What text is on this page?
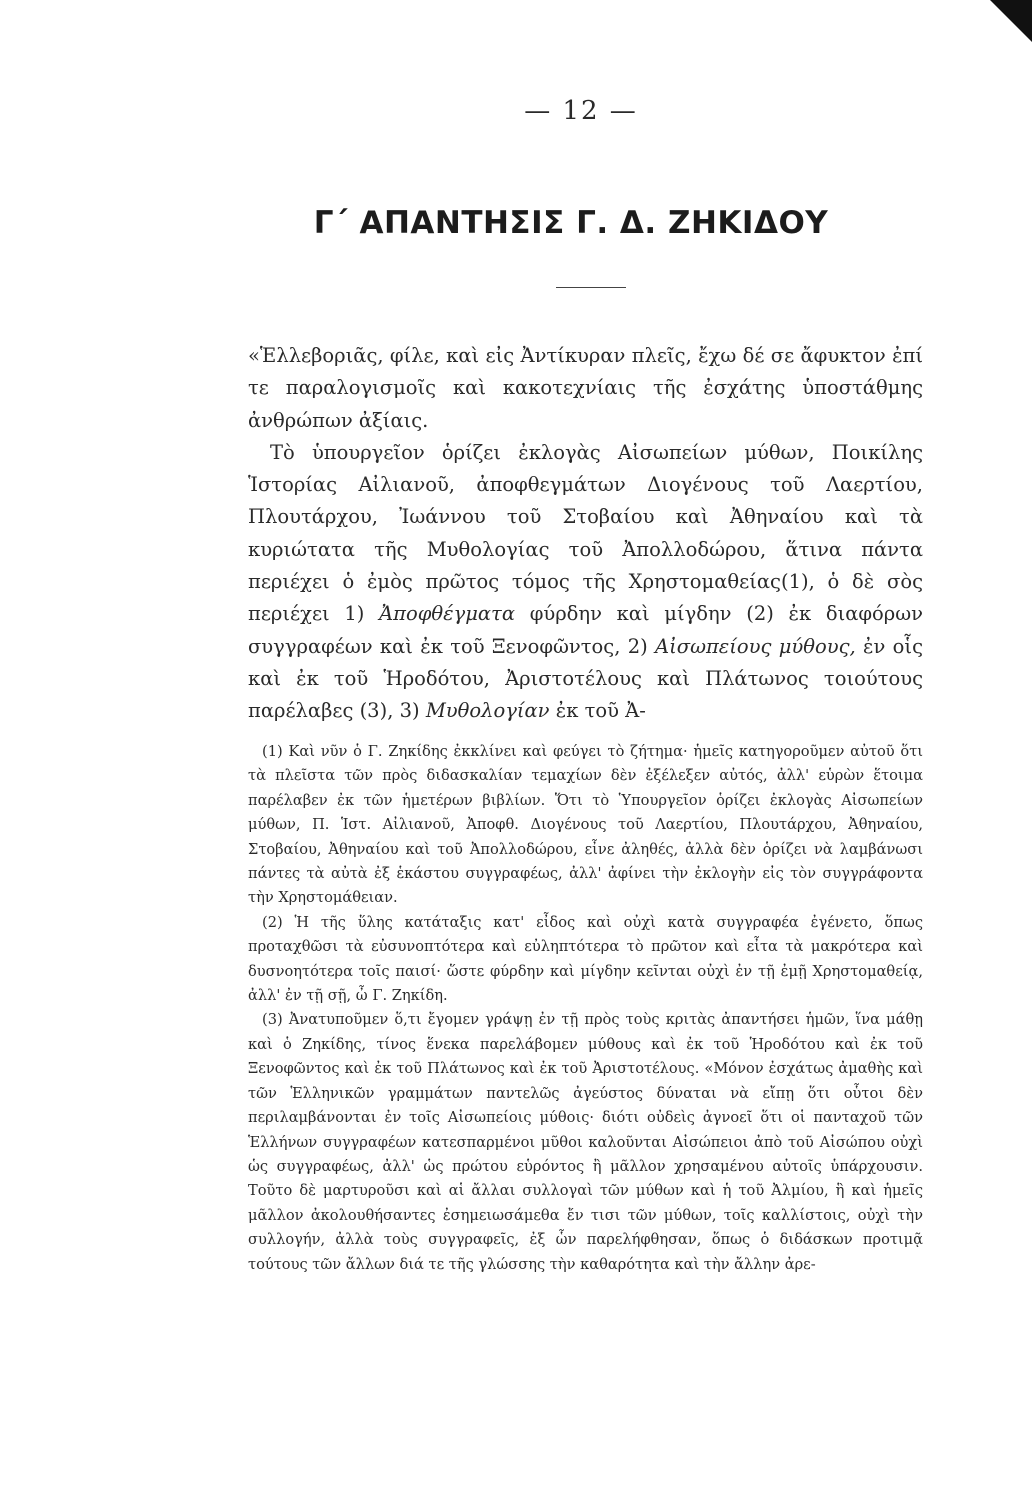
— 12 —
Γ΄ ΑΠΑΝΤΗΣΙΣ Γ. Δ. ΖΗΚΙΔΟΥ

«Ἑλλεβοριᾶς, φίλε, καὶ εἰς Ἀντίκυραν πλεῖς, ἔχω δέ σε ἄφυκτον ἐπί τε παραλογισμοῖς καὶ κακοτεχνίαις τῆς ἐσχάτης ὑποστάθμης ἀνθρώπων ἀξίαις.

Τὸ ὑπουργεῖον ὁρίζει ἐκλογὰς Αἰσωπείων μύθων, Ποικίλης Ἱστορίας Αἰλιανοῦ, ἀποφθεγμάτων Διογένους τοῦ Λαερτίου, Πλουτάρχου, Ἰωάννου τοῦ Στοβαίου καὶ Ἀθηναίου καὶ τὰ κυριώτατα τῆς Μυθολογίας τοῦ Ἀπολλοδώρου, ἅτινα πάντα περιέχει ὁ ἐμὸς πρῶτος τόμος τῆς Χρηστομαθείας(1), ὁ δὲ σὸς περιέχει 1) Ἀποφθέγματα φύρδην καὶ μίγδην (2) ἐκ διαφόρων συγγραφέων καὶ ἐκ τοῦ Ξενοφῶντος, 2) Αἰσωπείους μύθους, ἐν οἷς καὶ ἐκ τοῦ Ἡροδότου, Ἀριστοτέλους καὶ Πλάτωνος τοιούτους παρέλαβες (3), 3) Μυθολογίαν ἐκ τοῦ Ἀ-

(1) Καὶ νῦν ὁ Γ. Ζηκίδης ἐκκλίνει καὶ φεύγει τὸ ζήτημα· ἡμεῖς κατηγοροῦμεν αὐτοῦ ὅτι τὰ πλεῖστα τῶν πρὸς διδασκαλίαν τεμαχίων δὲν ἐξέλεξεν αὐτός, ἀλλ' εὑρὼν ἕτοιμα παρέλαβεν ἐκ τῶν ἡμετέρων βιβλίων. Ὅτι τὸ Ὑπουργεῖον ὁρίζει ἐκλογὰς Αἰσωπείων μύθων, Π. Ἱστ. Αἰλιανοῦ, Ἀποφθ. Διογένους τοῦ Λαερτίου, Πλουτάρχου, Ἀθηναίου, Στοβαίου, Ἀθηναίου καὶ τοῦ Ἀπολλοδώρου, εἶνε ἀληθές, ἀλλὰ δὲν ὁρίζει νὰ λαμβάνωσι πάντες τὰ αὐτὰ ἐξ ἑκάστου συγγραφέως, ἀλλ' ἀφίνει τὴν ἐκλογὴν εἰς τὸν συγγράφοντα τὴν Χρηστομάθειαν.

(2) Ἡ τῆς ὕλης κατάταξις κατ' εἶδος καὶ οὐχὶ κατὰ συγγραφέα ἐγένετο, ὅπως προταχθῶσι τὰ εὐσυνοπτότερα καὶ εὐληπτότερα τὸ πρῶτον καὶ εἶτα τὰ μακρότερα καὶ δυσνοητότερα τοῖς παισί· ὥστε φύρδην καὶ μίγδην κεῖνται οὐχὶ ἐν τῇ ἐμῇ Χρηστομαθείᾳ, ἀλλ' ἐν τῇ σῇ, ὦ Γ. Ζηκίδη.

(3) Ἀνατυποῦμεν ὅ,τι ἔγομεν γράψῃ ἐν τῇ πρὸς τοὺς κριτὰς ἀπαντήσει ἡμῶν, ἵνα μάθῃ καὶ ὁ Ζηκίδης, τίνος ἕνεκα παρελάβομεν μύθους καὶ ἐκ τοῦ Ἡροδότου καὶ ἐκ τοῦ Ξενοφῶντος καὶ ἐκ τοῦ Πλάτωνος καὶ ἐκ τοῦ Ἀριστοτέλους. «Μόνον ἐσχάτως ἀμαθὴς καὶ τῶν Ἑλληνικῶν γραμμάτων παντελῶς ἀγεύστος δύναται νὰ εἴπῃ ὅτι οὗτοι δὲν περιλαμβάνονται ἐν τοῖς Αἰσωπείοις μύθοις· διότι οὐδεὶς ἀγνοεῖ ὅτι οἱ πανταχοῦ τῶν Ἑλλήνων συγγραφέων κατεσπαρμένοι μῦθοι καλοῦνται Αἰσώπειοι ἀπὸ τοῦ Αἰσώπου οὐχὶ ὡς συγγραφέως, ἀλλ' ὡς πρώτου εὑρόντος ἢ μᾶλλον χρησαμένου αὐτοῖς ὑπάρχουσιν. Τοῦτο δὲ μαρτυροῦσι καὶ αἱ ἄλλαι συλλογαὶ τῶν μύθων καὶ ἡ τοῦ Ἀλμίου, ἣ καὶ ἡμεῖς μᾶλλον ἀκολουθήσαντες ἐσημειωσάμεθα ἔν τισι τῶν μύθων, τοῖς καλλίστοις, οὐχὶ τὴν συλλογήν, ἀλλὰ τοὺς συγγραφεῖς, ἐξ ὧν παρελήφθησαν, ὅπως ὁ διδάσκων προτιμᾷ τούτους τῶν ἄλλων διά τε τῆς γλώσσης τὴν καθαρότητα καὶ τὴν ἄλλην ἀρε-
